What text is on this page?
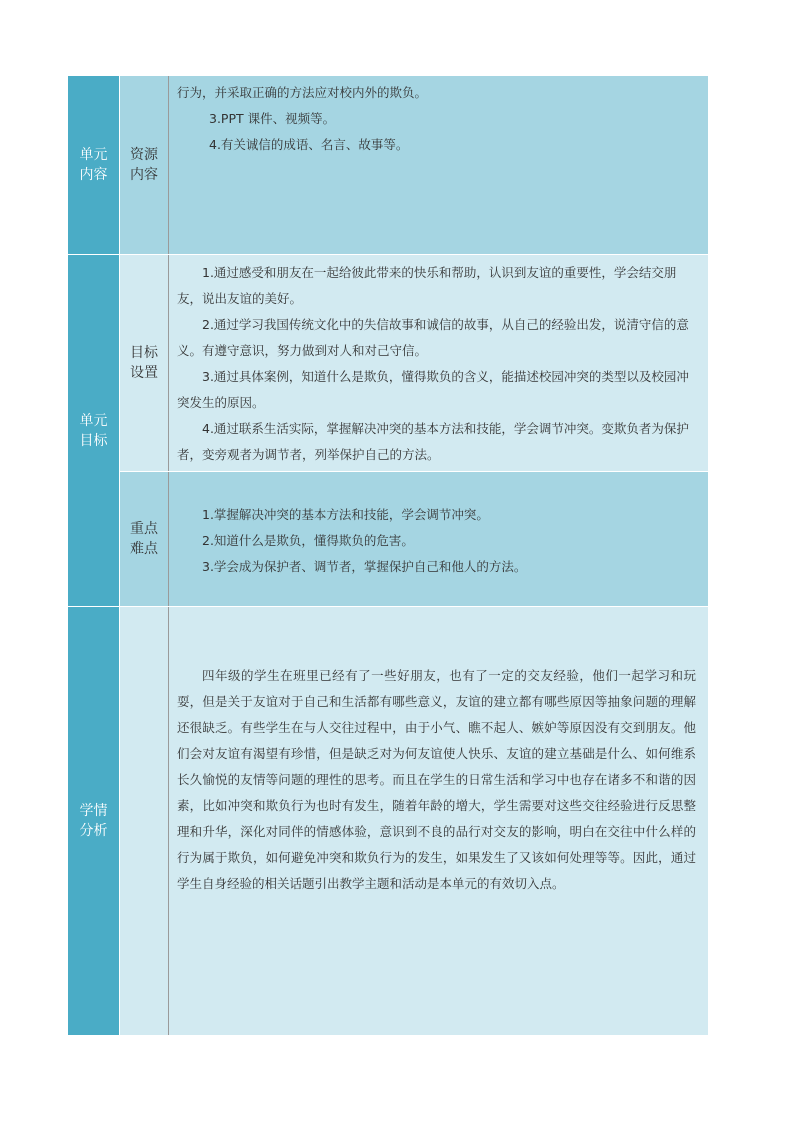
单元
内容
资源
内容

行为，并采取正确的方法应对校内外的欺负。

3.PPT 课件、视频等。

4.有关诚信的成语、名言、故事等。

单元
目标
目标
设置

1.通过感受和朋友在一起给彼此带来的快乐和帮助，认识到友谊的重要性，学会结交朋友，说出友谊的美好。

2.通过学习我国传统文化中的失信故事和诚信的故事，从自己的经验出发，说清守信的意义。有遵守意识，努力做到对人和对己守信。

3.通过具体案例，知道什么是欺负，懂得欺负的含义，能描述校园冲突的类型以及校园冲突发生的原因。

4.通过联系生活实际，掌握解决冲突的基本方法和技能，学会调节冲突。变欺负者为保护者，变旁观者为调节者，列举保护自己的方法。

重点
难点

1.掌握解决冲突的基本方法和技能，学会调节冲突。

2.知道什么是欺负，懂得欺负的危害。

3.学会成为保护者、调节者，掌握保护自己和他人的方法。

学情
分析

四年级的学生在班里已经有了一些好朋友，也有了一定的交友经验，他们一起学习和玩耍，但是关于友谊对于自己和生活都有哪些意义，友谊的建立都有哪些原因等抽象问题的理解还很缺乏。有些学生在与人交往过程中，由于小气、瞧不起人、嫉妒等原因没有交到朋友。他们会对友谊有渴望有珍惜，但是缺乏对为何友谊使人快乐、友谊的建立基础是什么、如何维系长久愉悦的友情等问题的理性的思考。而且在学生的日常生活和学习中也存在诸多不和谐的因素，比如冲突和欺负行为也时有发生，随着年龄的增大，学生需要对这些交往经验进行反思整理和升华，深化对同伴的情感体验，意识到不良的品行对交友的影响，明白在交往中什么样的行为属于欺负，如何避免冲突和欺负行为的发生，如果发生了又该如何处理等等。因此，通过学生自身经验的相关话题引出教学主题和活动是本单元的有效切入点。
